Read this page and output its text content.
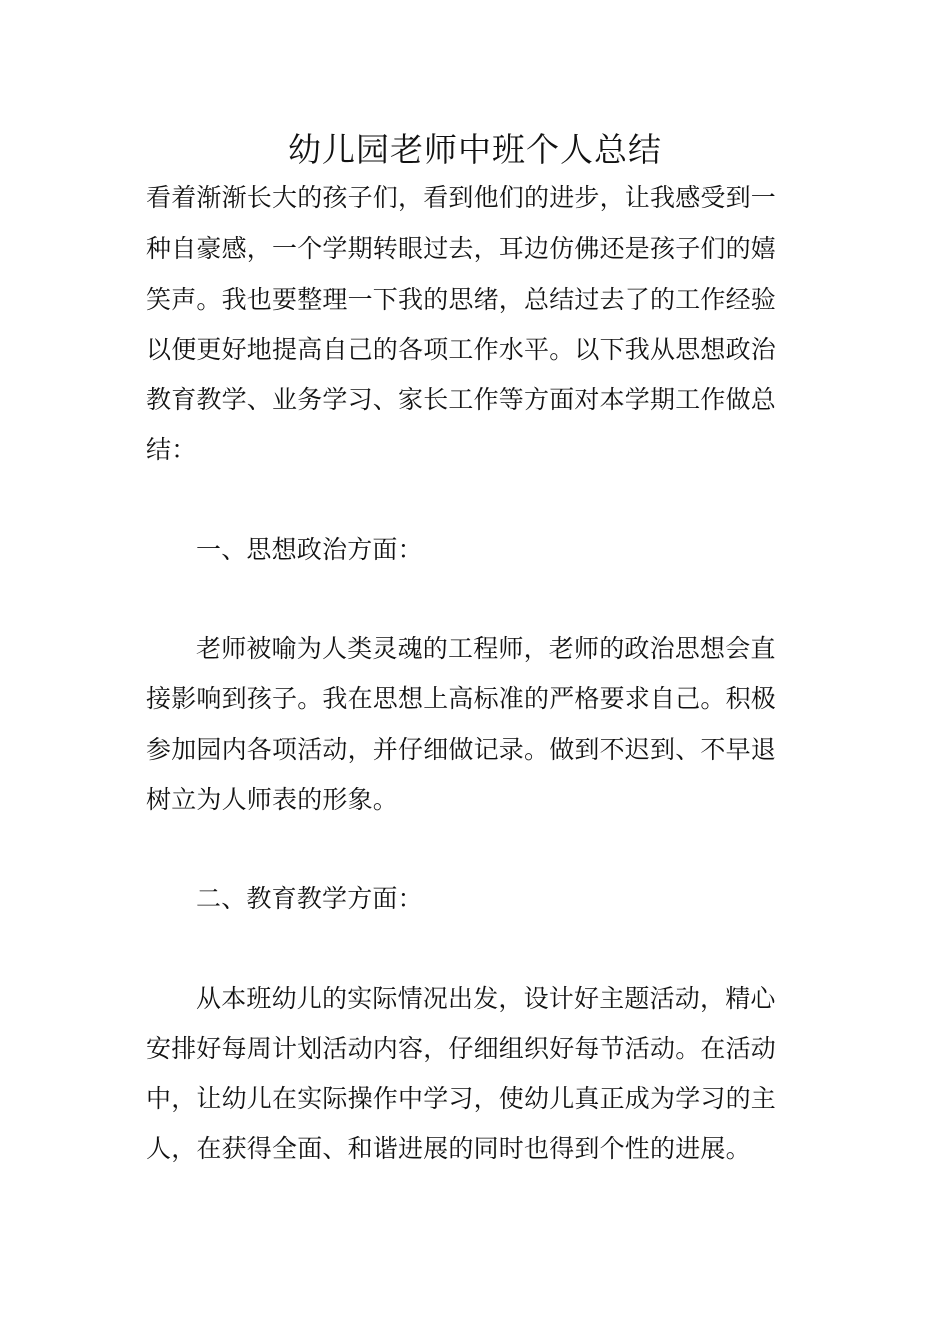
幼儿园老师中班个人总结

看着渐渐长大的孩子们，看到他们的进步，让我感受到一

种自豪感，一个学期转眼过去，耳边仿佛还是孩子们的嬉

笑声。我也要整理一下我的思绪，总结过去了的工作经验

以便更好地提高自己的各项工作水平。以下我从思想政治

教育教学、业务学习、家长工作等方面对本学期工作做总

结：

一、思想政治方面：

老师被喻为人类灵魂的工程师，老师的政治思想会直

接影响到孩子。我在思想上高标准的严格要求自己。积极

参加园内各项活动，并仔细做记录。做到不迟到、不早退

树立为人师表的形象。

二、教育教学方面：

从本班幼儿的实际情况出发，设计好主题活动，精心

安排好每周计划活动内容，仔细组织好每节活动。在活动

中，让幼儿在实际操作中学习，使幼儿真正成为学习的主

人，在获得全面、和谐进展的同时也得到个性的进展。
